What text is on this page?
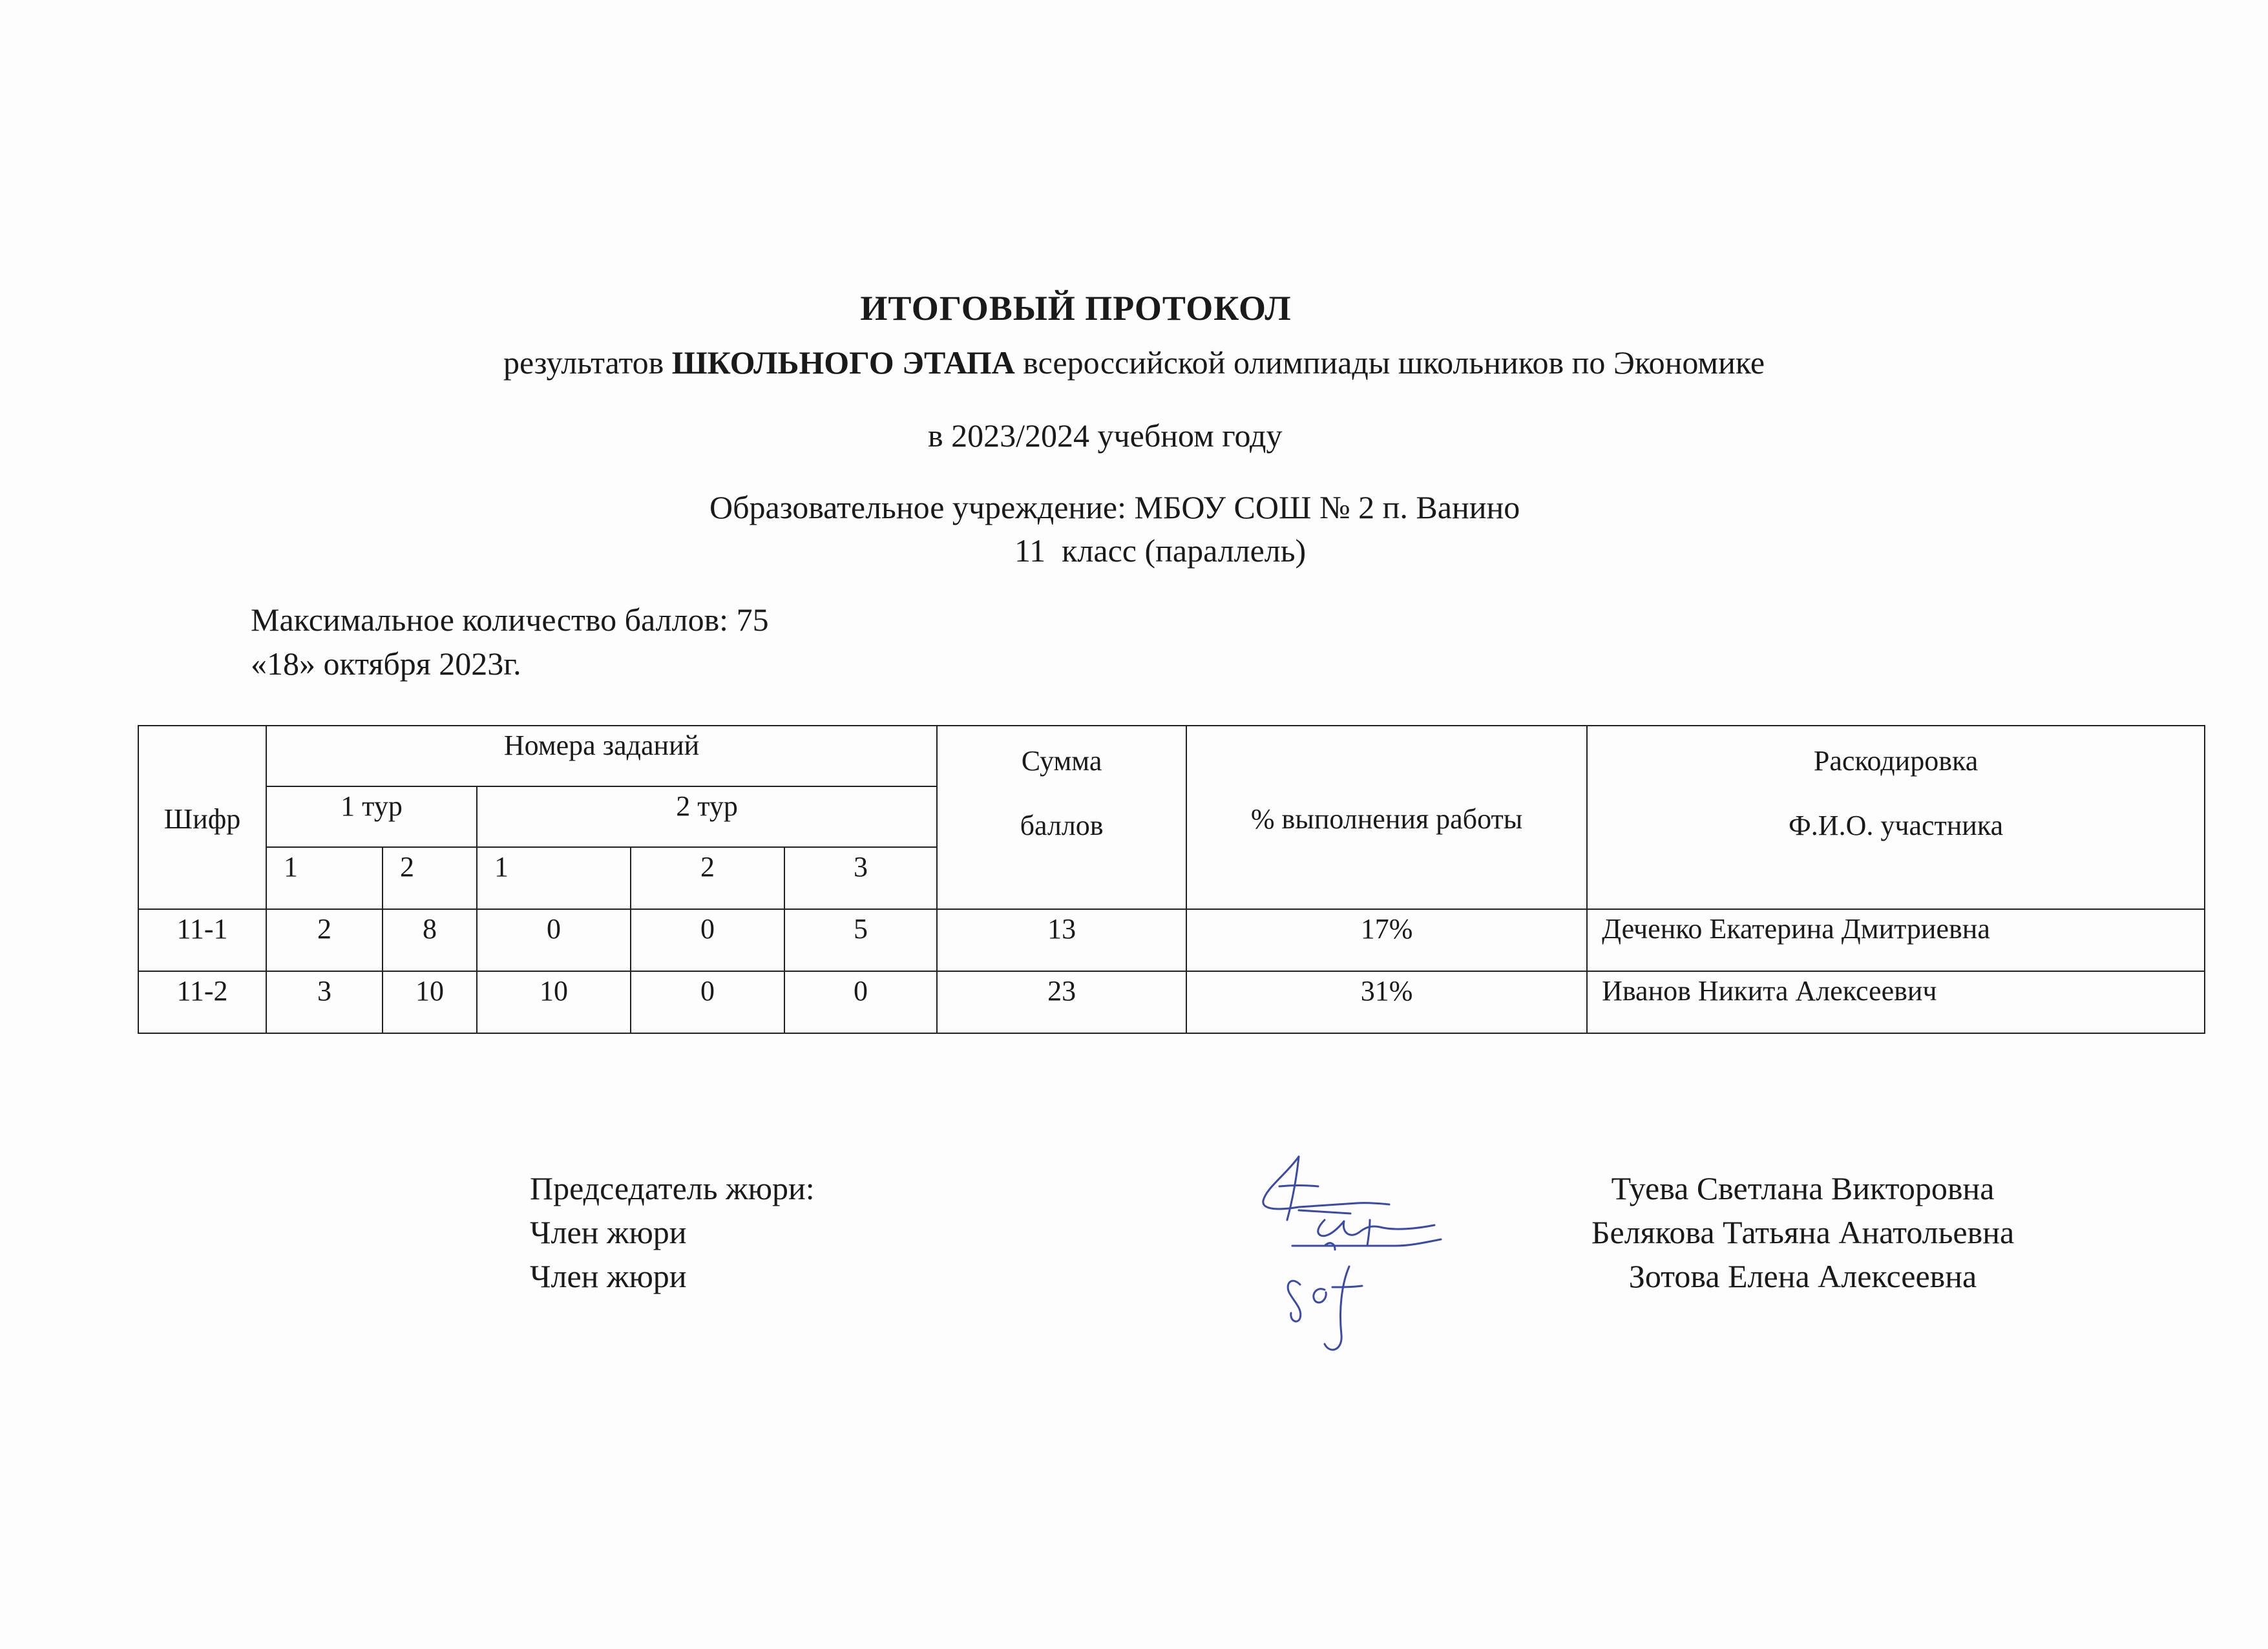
ИТОГОВЫЙ ПРОТОКОЛ
результатов ШКОЛЬНОГО ЭТАПА всероссийской олимпиады школьников по Экономике
в 2023/2024 учебном году
Образовательное учреждение: МБОУ СОШ № 2 п. Ванино
11  класс (параллель)
Максимальное количество баллов: 75
«18» октября 2023г.
Шифр	Номера заданий					Сумма
баллов	% выполнения работы	Раскодировка
Ф.И.О. участника
	1 тур		2 тур					
	1	2	1	2	3			
11-1	2	8	0	0	5	13	17%	Деченко Екатерина Дмитриевна
11-2	3	10	10	0	0	23	31%	Иванов Никита Алексеевич
Председатель жюри:
Член жюри
Член жюри
Туева Светлана Викторовна
Белякова Татьяна Анатольевна
Зотова Елена Алексеевна
